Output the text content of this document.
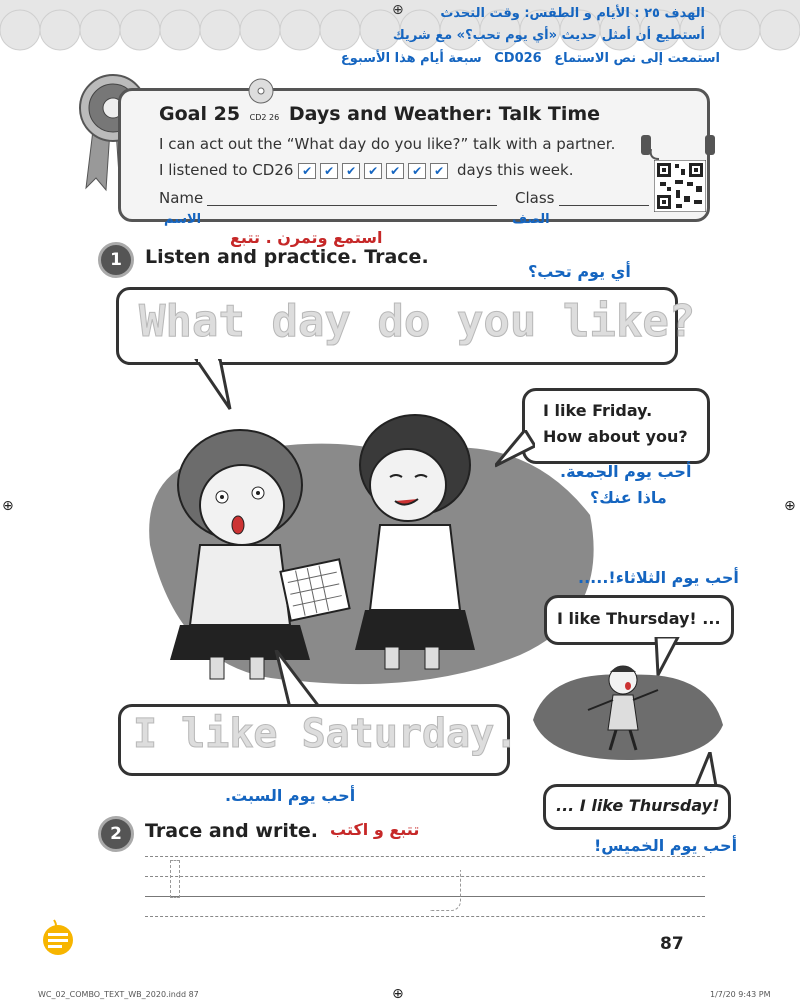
⊕	الهدف ٢٥ : الأيام و الطقس: وقت التحدث
أستطيع أن أمثل حديث «أي يوم تحب؟» مع شريك
استمعت إلى نص الاستماع CD026 سبعة أيام هذا الأسبوع
Goal 25 CD2 26 Days and Weather: Talk Time
I can act out the “What day do you like?” talk with a partner.
I listened to CD26 ✔ ✔ ✔ ✔ ✔ ✔ ✔ days this week.
Name	Class
الاسم	الصف
استمع وتمرن . تتبع
1	Listen and practice. Trace.
أي يوم تحب؟
What day do you like?
I like Friday.
How about you?
أحب يوم الجمعة.
ماذا عنك؟
أحب يوم الثلاثاء!.....
I like Thursday! ...
I like Saturday.
... I like Thursday!
أحب يوم السبت.
أحب يوم الخميس!
2	Trace and write. تتبع و اكتب
87
⊕	⊕
⊕
WC_02_COMBO_TEXT_WB_2020.indd 87	1/7/20 9:43 PM
